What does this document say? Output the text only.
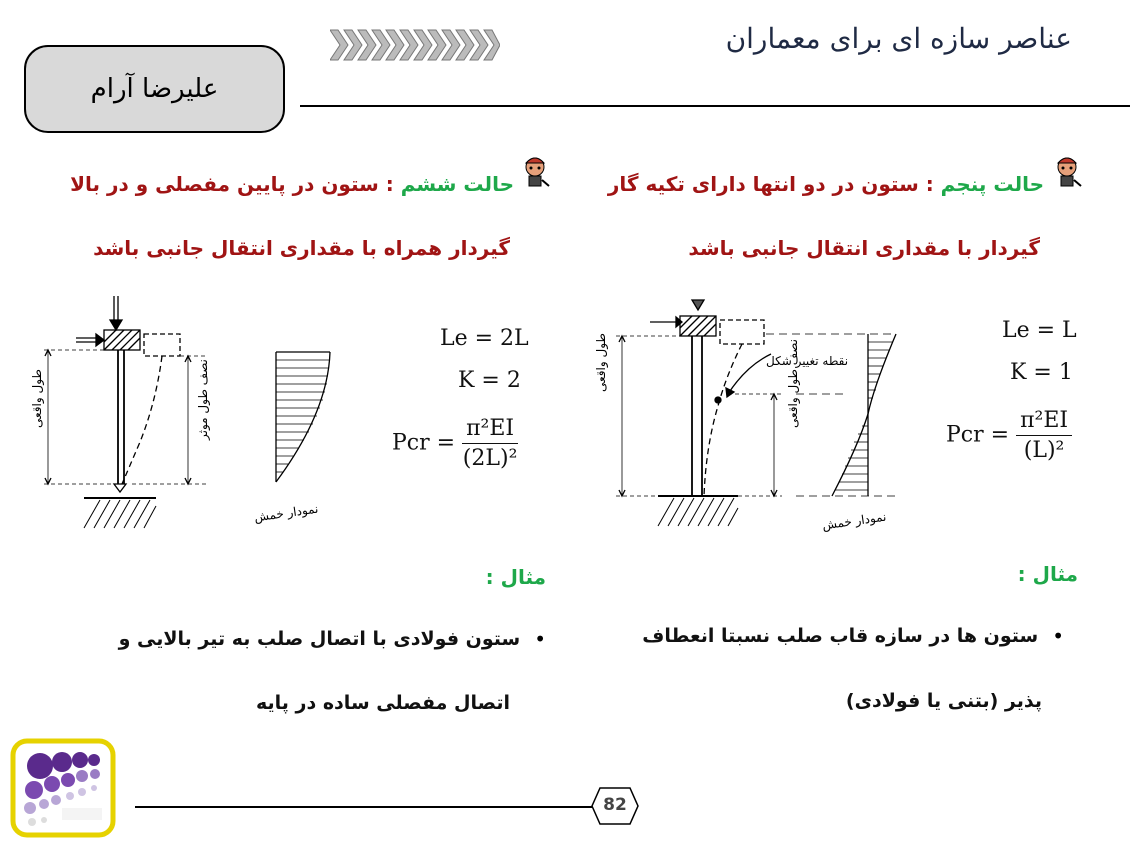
عناصر سازه ای برای معماران
علیرضا آرام
حالت پنجم : ستون در دو انتها دارای تکیه گار
گیردار با مقداری انتقال جانبی باشد
طول واقعی	نصف طول واقعی
نقطه تغییر شکل
نمودار خمش
Le = L
K = 1
Pcr = $\frac{\text{π²EI}}{\text{(L)²}}$
مثال :
•
ستون ها در سازه قاب صلب نسبتا انعطاف
پذیر (بتنی یا فولادی)
حالت ششم : ستون در پایین مفصلی و در بالا
گیردار همراه با مقداری انتقال جانبی باشد
طول واقعی	نصف طول موثر
نمودار خمش
Le = 2L
K = 2
Pcr = $\frac{\text{π²EI}}{\text{(2L)²}}$
مثال :
•
ستون فولادی با اتصال صلب به تیر بالایی و
اتصال مفصلی ساده در پایه
82
